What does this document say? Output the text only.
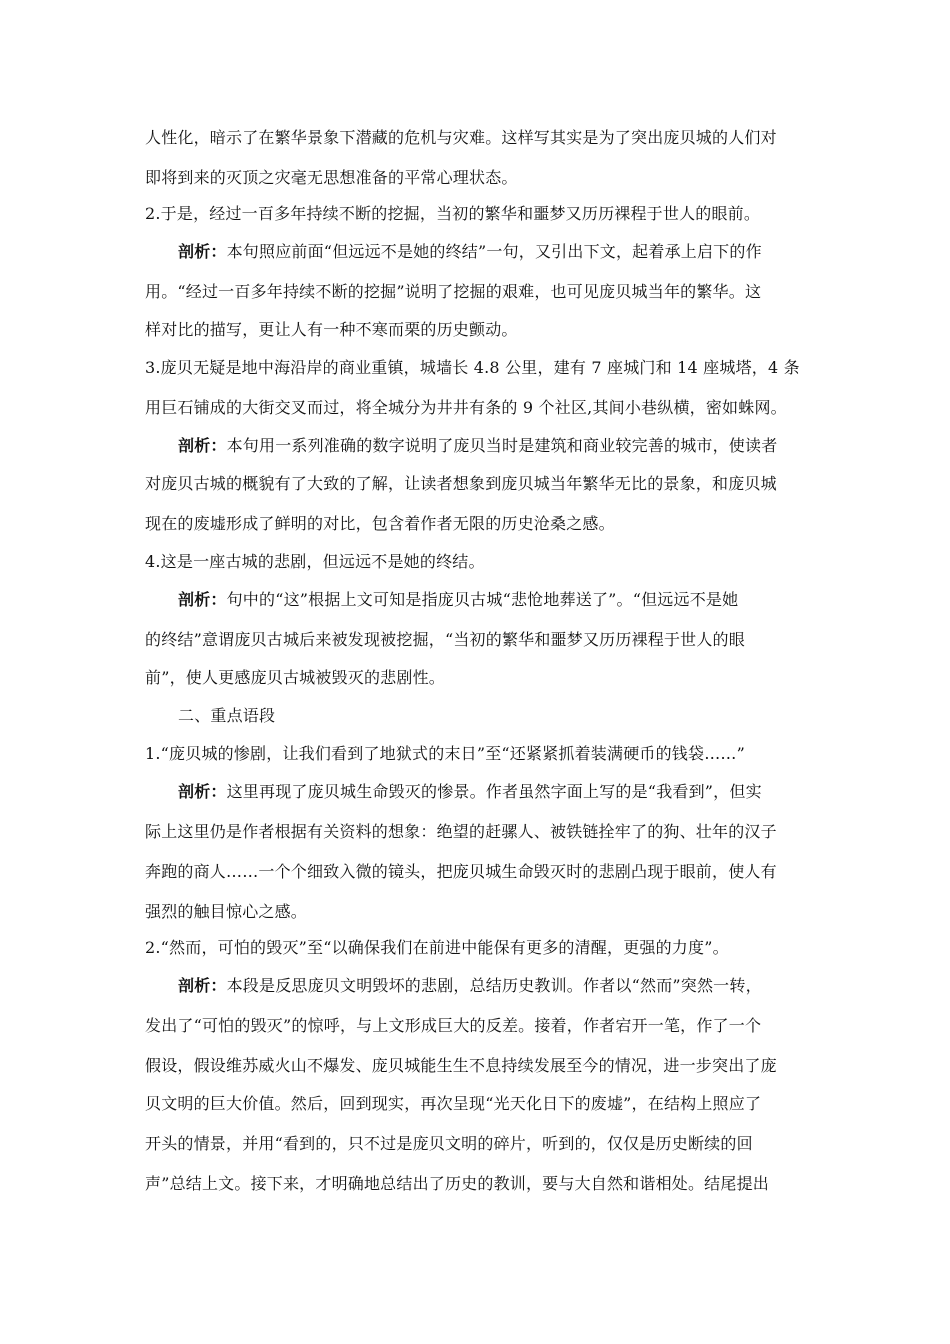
人性化，暗示了在繁华景象下潜藏的危机与灾难。这样写其实是为了突出庞贝城的人们对
即将到来的灭顶之灾毫无思想准备的平常心理状态。
2.于是，经过一百多年持续不断的挖掘，当初的繁华和噩梦又历历裸程于世人的眼前。
剖析：本句照应前面“但远远不是她的终结”一句，又引出下文，起着承上启下的作
用。“经过一百多年持续不断的挖掘”说明了挖掘的艰难，也可见庞贝城当年的繁华。这
样对比的描写，更让人有一种不寒而栗的历史颤动。
3.庞贝无疑是地中海沿岸的商业重镇，城墙长 4.8 公里，建有 7 座城门和 14 座城塔，4 条
用巨石铺成的大街交叉而过，将全城分为井井有条的 9 个社区,其间小巷纵横，密如蛛网。
剖析：本句用一系列准确的数字说明了庞贝当时是建筑和商业较完善的城市，使读者
对庞贝古城的概貌有了大致的了解，让读者想象到庞贝城当年繁华无比的景象，和庞贝城
现在的废墟形成了鲜明的对比，包含着作者无限的历史沧桑之感。
4.这是一座古城的悲剧，但远远不是她的终结。
剖析：句中的“这”根据上文可知是指庞贝古城“悲怆地葬送了”。“但远远不是她
的终结”意谓庞贝古城后来被发现被挖掘，“当初的繁华和噩梦又历历裸程于世人的眼
前”，使人更感庞贝古城被毁灭的悲剧性。
二、重点语段
1.“庞贝城的惨剧，让我们看到了地狱式的末日”至“还紧紧抓着装满硬币的钱袋……”
剖析：这里再现了庞贝城生命毁灭的惨景。作者虽然字面上写的是“我看到”，但实
际上这里仍是作者根据有关资料的想象：绝望的赶骡人、被铁链拴牢了的狗、壮年的汉子
奔跑的商人……一个个细致入微的镜头，把庞贝城生命毁灭时的悲剧凸现于眼前，使人有
强烈的触目惊心之感。
2.“然而，可怕的毁灭”至“以确保我们在前进中能保有更多的清醒，更强的力度”。
剖析：本段是反思庞贝文明毁坏的悲剧，总结历史教训。作者以“然而”突然一转，
发出了“可怕的毁灭”的惊呼，与上文形成巨大的反差。接着，作者宕开一笔，作了一个
假设，假设维苏威火山不爆发、庞贝城能生生不息持续发展至今的情况，进一步突出了庞
贝文明的巨大价值。然后，回到现实，再次呈现“光天化日下的废墟”，在结构上照应了
开头的情景，并用“看到的，只不过是庞贝文明的碎片，听到的，仅仅是历史断续的回
声”总结上文。接下来，才明确地总结出了历史的教训，要与大自然和谐相处。结尾提出
